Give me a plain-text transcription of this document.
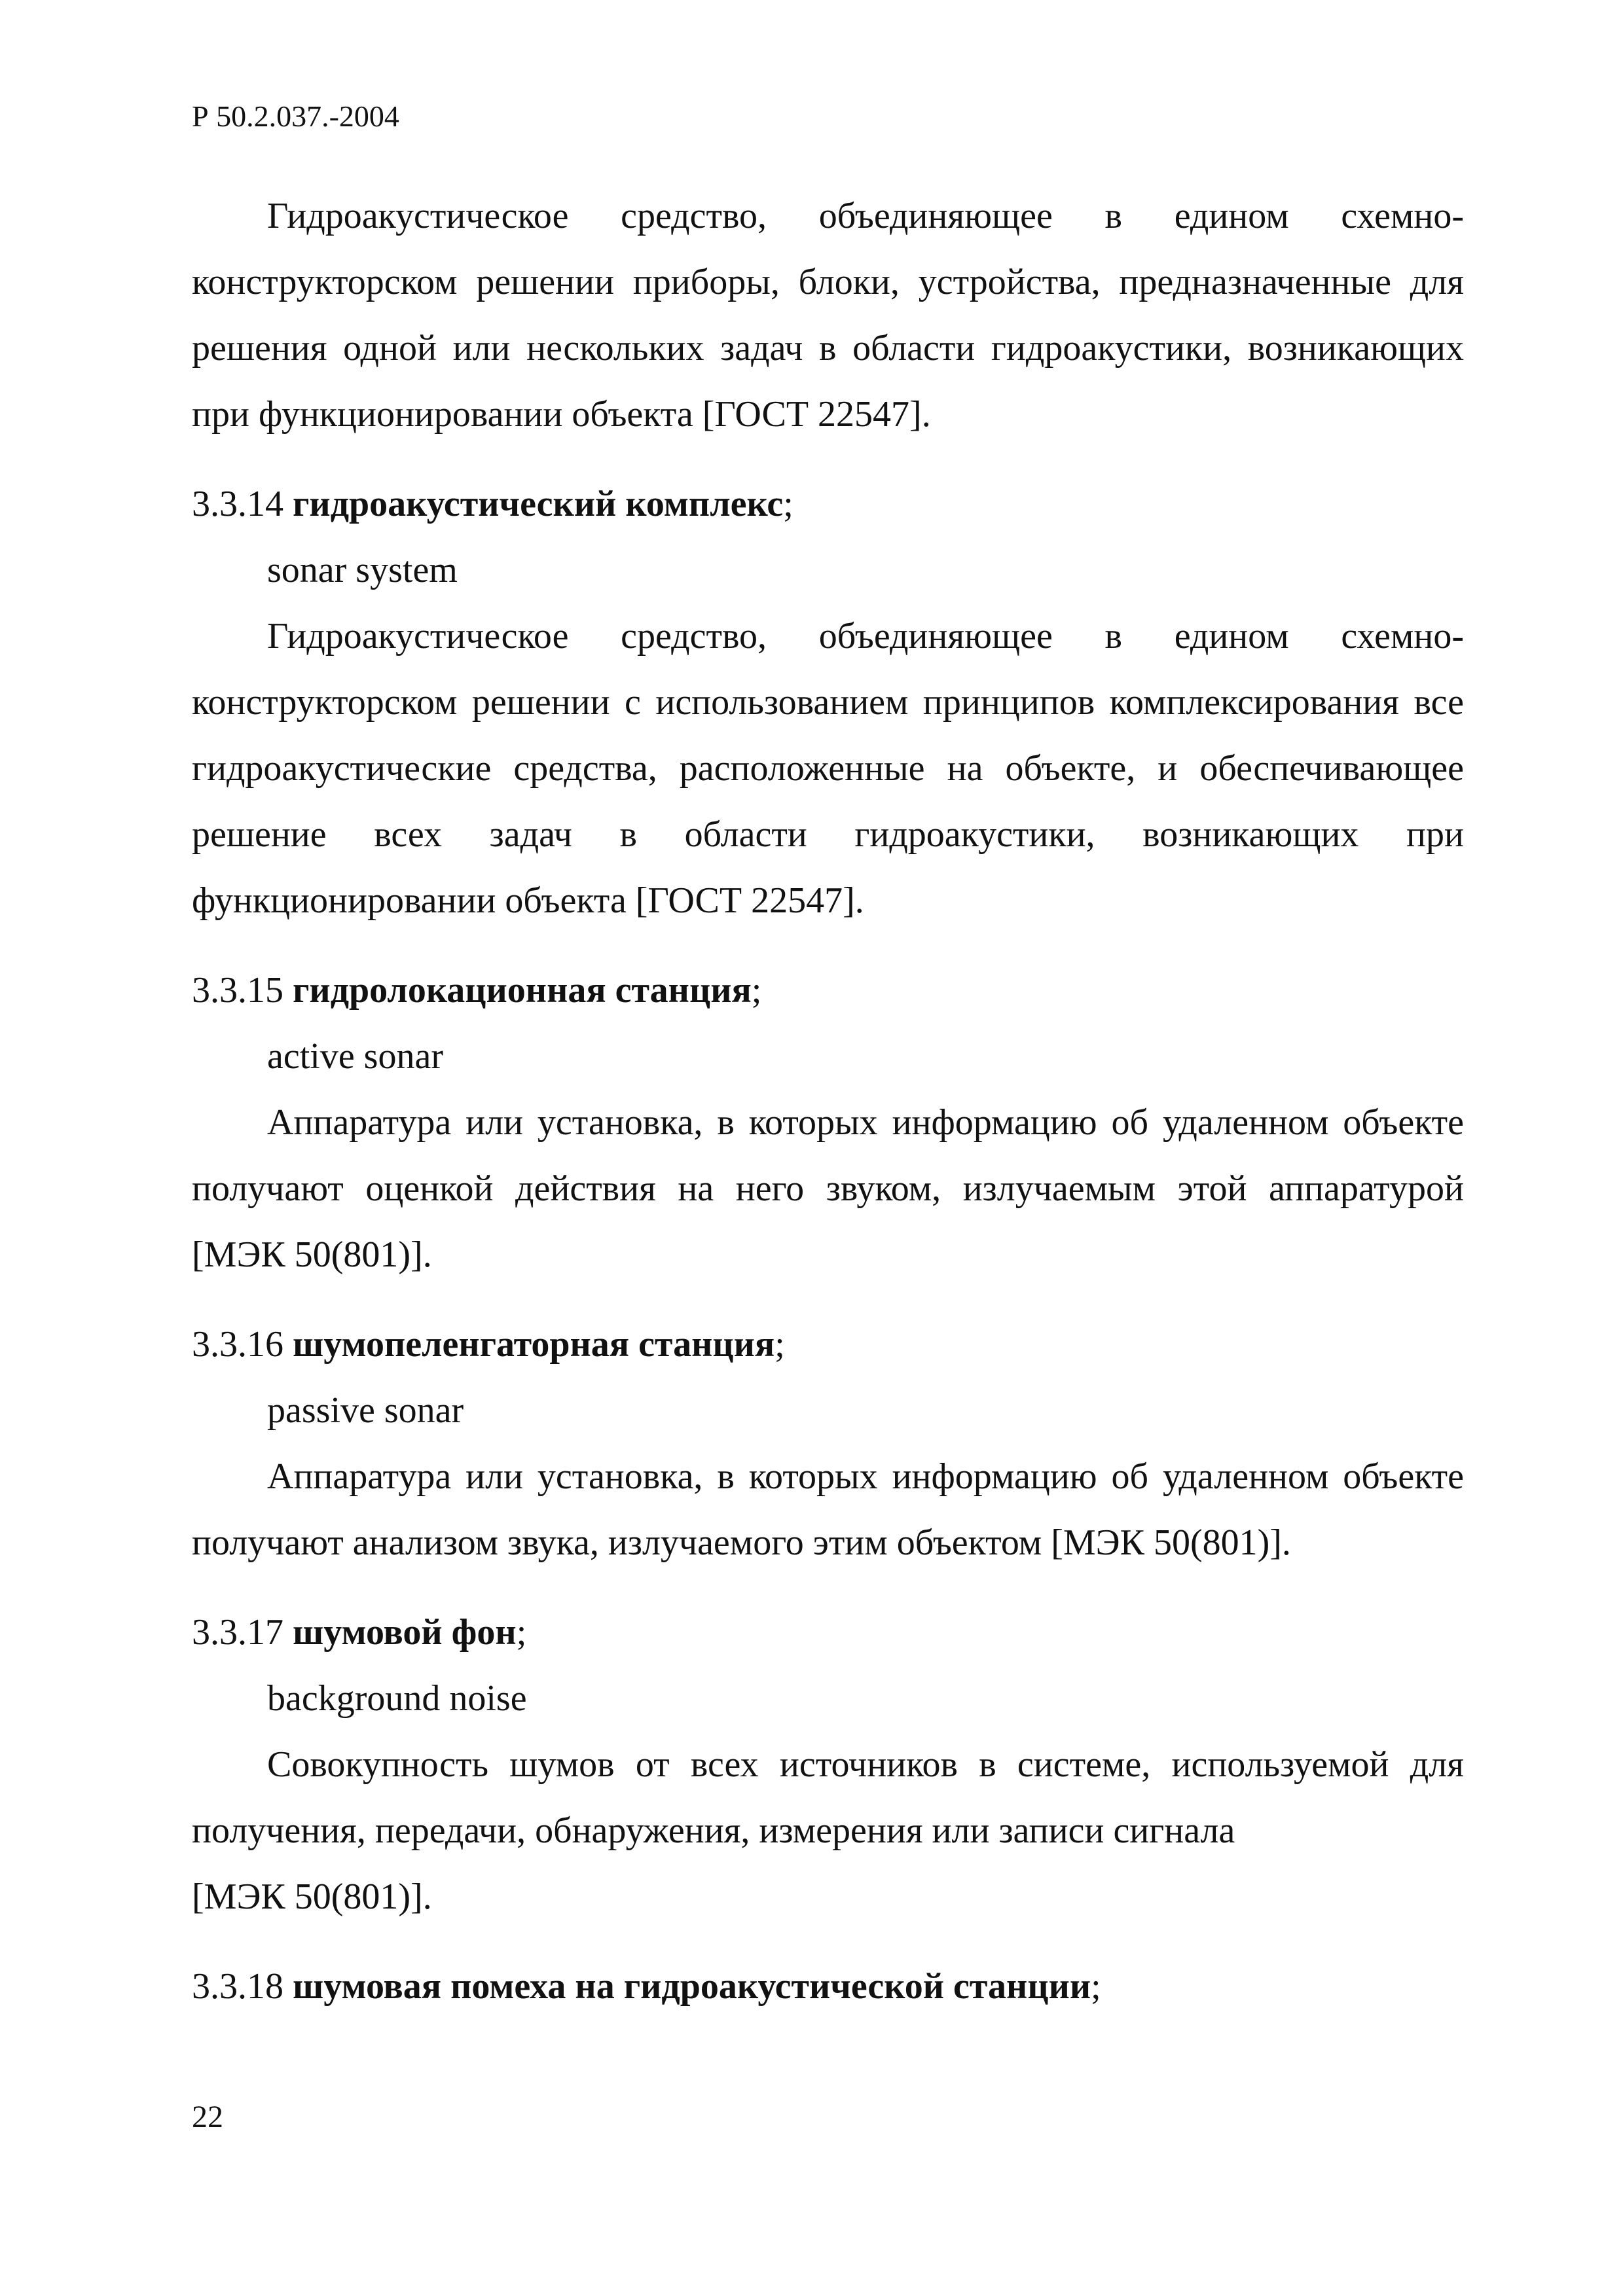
Р 50.2.037.-2004

Гидроакустическое средство, объединяющее в едином схемно-конструкторском решении приборы, блоки, устройства, предназначенные для решения одной или нескольких задач в области гидроакустики, возникающих при функционировании объекта [ГОСТ 22547].

3.3.14 гидроакустический комплекс;

sonar system

Гидроакустическое средство, объединяющее в едином схемно-конструкторском решении с использованием принципов комплексирования все гидроакустические средства, расположенные на объекте, и обеспечивающее решение всех задач в области гидроакустики, возникающих при функционировании объекта [ГОСТ 22547].

3.3.15 гидролокационная станция;

active sonar

Аппаратура или установка, в которых информацию об удаленном объекте получают оценкой действия на него звуком, излучаемым этой аппаратурой [МЭК 50(801)].

3.3.16 шумопеленгаторная станция;

passive sonar

Аппаратура или установка, в которых информацию об удаленном объекте получают анализом звука, излучаемого этим объектом [МЭК 50(801)].

3.3.17 шумовой фон;

background noise

Совокупность шумов от всех источников в системе, используемой для получения, передачи, обнаружения, измерения или записи сигнала

[МЭК 50(801)].

3.3.18 шумовая помеха на гидроакустической станции;

22
